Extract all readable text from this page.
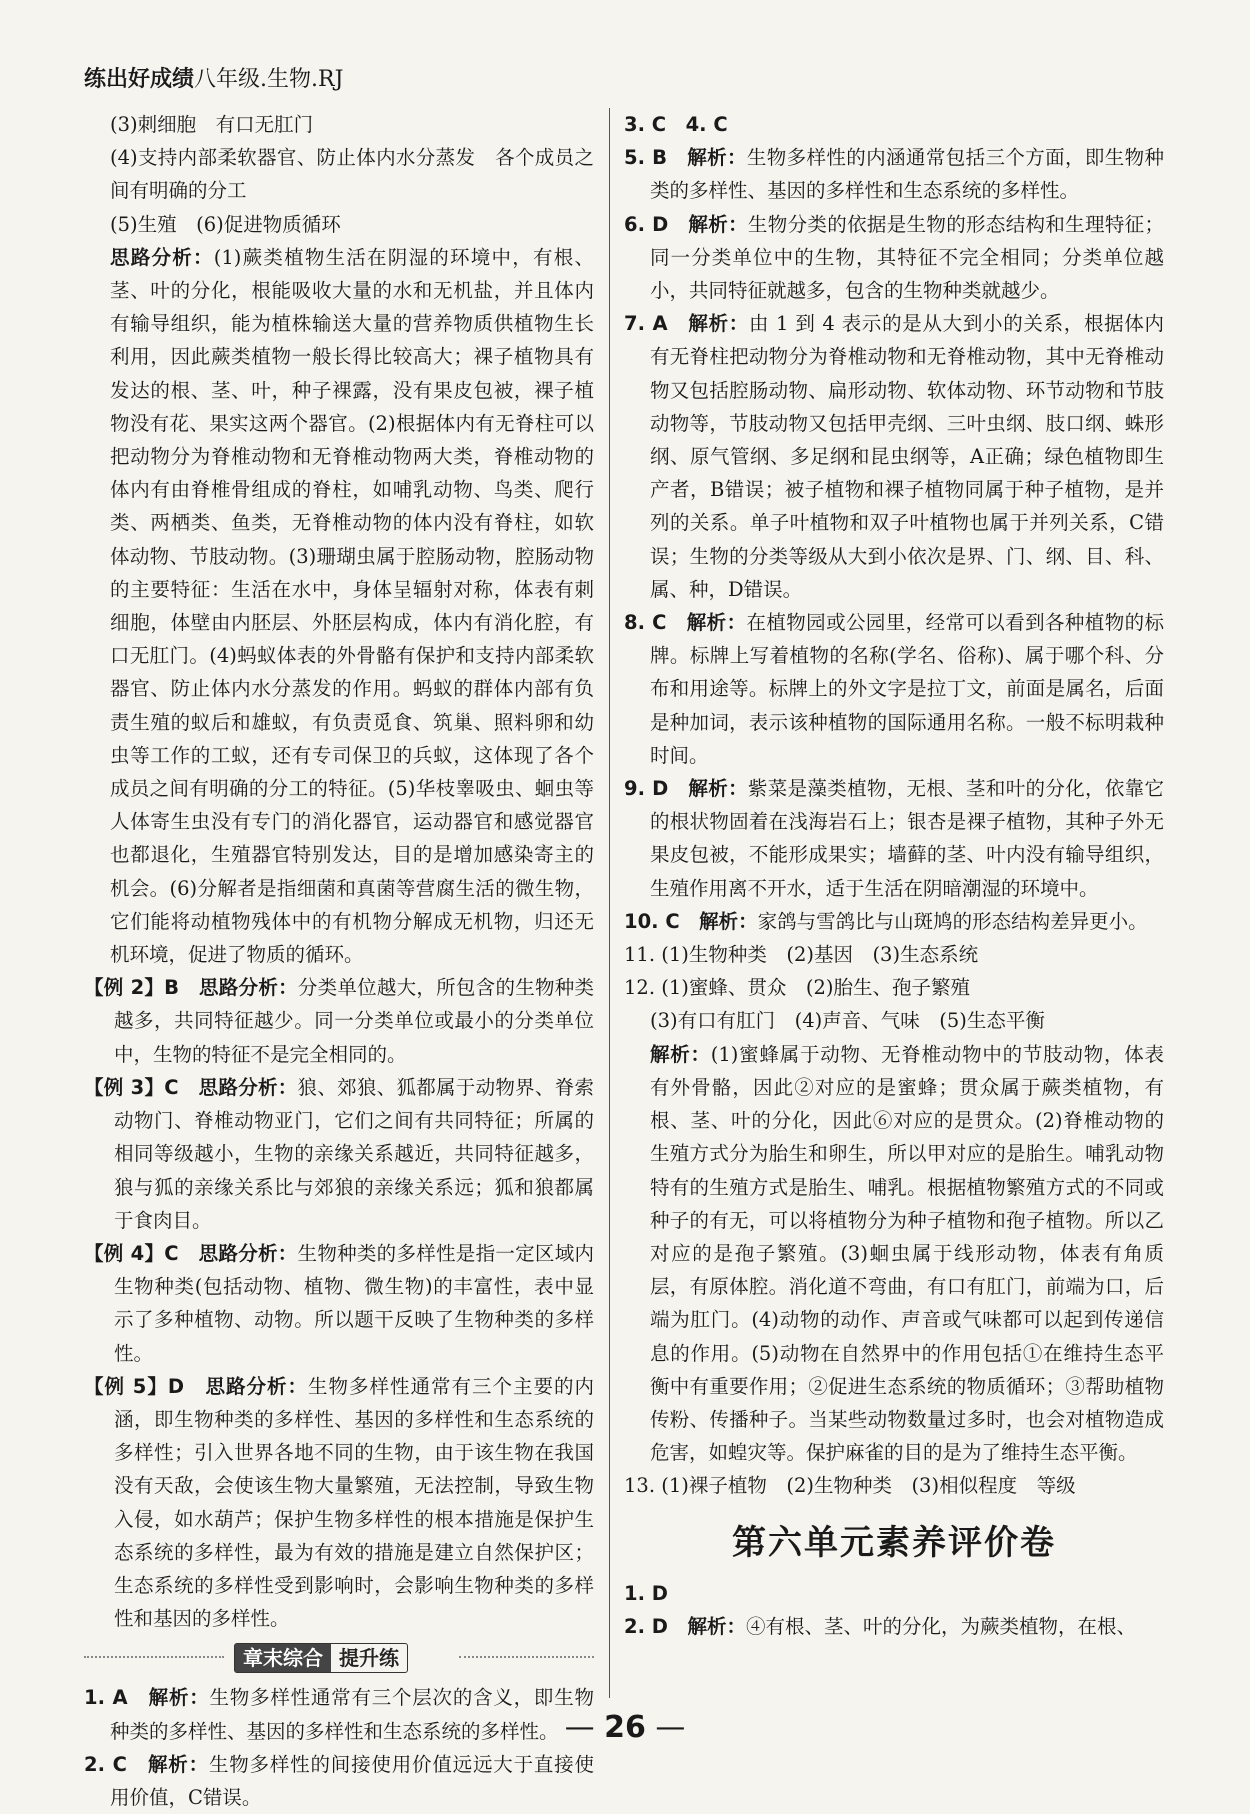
练出好成绩八年级.生物.RJ

(3)刺细胞　有口无肛门

(4)支持内部柔软器官、防止体内水分蒸发　各个成员之间有明确的分工

(5)生殖　(6)促进物质循环

思路分析：(1)蕨类植物生活在阴湿的环境中，有根、茎、叶的分化，根能吸收大量的水和无机盐，并且体内有输导组织，能为植株输送大量的营养物质供植物生长利用，因此蕨类植物一般长得比较高大；裸子植物具有发达的根、茎、叶，种子裸露，没有果皮包被，裸子植物没有花、果实这两个器官。(2)根据体内有无脊柱可以把动物分为脊椎动物和无脊椎动物两大类，脊椎动物的体内有由脊椎骨组成的脊柱，如哺乳动物、鸟类、爬行类、两栖类、鱼类，无脊椎动物的体内没有脊柱，如软体动物、节肢动物。(3)珊瑚虫属于腔肠动物，腔肠动物的主要特征：生活在水中，身体呈辐射对称，体表有刺细胞，体壁由内胚层、外胚层构成，体内有消化腔，有口无肛门。(4)蚂蚁体表的外骨骼有保护和支持内部柔软器官、防止体内水分蒸发的作用。蚂蚁的群体内部有负责生殖的蚁后和雄蚁，有负责觅食、筑巢、照料卵和幼虫等工作的工蚁，还有专司保卫的兵蚁，这体现了各个成员之间有明确的分工的特征。(5)华枝睾吸虫、蛔虫等人体寄生虫没有专门的消化器官，运动器官和感觉器官也都退化，生殖器官特别发达，目的是增加感染寄主的机会。(6)分解者是指细菌和真菌等营腐生活的微生物，它们能将动植物残体中的有机物分解成无机物，归还无机环境，促进了物质的循环。

【例 2】B　思路分析：分类单位越大，所包含的生物种类越多，共同特征越少。同一分类单位或最小的分类单位中，生物的特征不是完全相同的。

【例 3】C　思路分析：狼、郊狼、狐都属于动物界、脊索动物门、脊椎动物亚门，它们之间有共同特征；所属的相同等级越小，生物的亲缘关系越近，共同特征越多，狼与狐的亲缘关系比与郊狼的亲缘关系远；狐和狼都属于食肉目。

【例 4】C　思路分析：生物种类的多样性是指一定区域内生物种类(包括动物、植物、微生物)的丰富性，表中显示了多种植物、动物。所以题干反映了生物种类的多样性。

【例 5】D　思路分析：生物多样性通常有三个主要的内涵，即生物种类的多样性、基因的多样性和生态系统的多样性；引入世界各地不同的生物，由于该生物在我国没有天敌，会使该生物大量繁殖，无法控制，导致生物入侵，如水葫芦；保护生物多样性的根本措施是保护生态系统的多样性，最为有效的措施是建立自然保护区；生态系统的多样性受到影响时，会影响生物种类的多样性和基因的多样性。

章末综合 提升练

1. A　解析：生物多样性通常有三个层次的含义，即生物种类的多样性、基因的多样性和生态系统的多样性。

2. C　解析：生物多样性的间接使用价值远远大于直接使用价值，C错误。

3. C　4. C

5. B　解析：生物多样性的内涵通常包括三个方面，即生物种类的多样性、基因的多样性和生态系统的多样性。

6. D　解析：生物分类的依据是生物的形态结构和生理特征；同一分类单位中的生物，其特征不完全相同；分类单位越小，共同特征就越多，包含的生物种类就越少。

7. A　解析：由 1 到 4 表示的是从大到小的关系，根据体内有无脊柱把动物分为脊椎动物和无脊椎动物，其中无脊椎动物又包括腔肠动物、扁形动物、软体动物、环节动物和节肢动物等，节肢动物又包括甲壳纲、三叶虫纲、肢口纲、蛛形纲、原气管纲、多足纲和昆虫纲等，A正确；绿色植物即生产者，B错误；被子植物和裸子植物同属于种子植物，是并列的关系。单子叶植物和双子叶植物也属于并列关系，C错误；生物的分类等级从大到小依次是界、门、纲、目、科、属、种，D错误。

8. C　解析：在植物园或公园里，经常可以看到各种植物的标牌。标牌上写着植物的名称(学名、俗称)、属于哪个科、分布和用途等。标牌上的外文字是拉丁文，前面是属名，后面是种加词，表示该种植物的国际通用名称。一般不标明栽种时间。

9. D　解析：紫菜是藻类植物，无根、茎和叶的分化，依靠它的根状物固着在浅海岩石上；银杏是裸子植物，其种子外无果皮包被，不能形成果实；墙藓的茎、叶内没有输导组织，生殖作用离不开水，适于生活在阴暗潮湿的环境中。

10. C　解析：家鸽与雪鸽比与山斑鸠的形态结构差异更小。

11. (1)生物种类　(2)基因　(3)生态系统

12. (1)蜜蜂、贯众　(2)胎生、孢子繁殖

(3)有口有肛门　(4)声音、气味　(5)生态平衡

解析：(1)蜜蜂属于动物、无脊椎动物中的节肢动物，体表有外骨骼，因此②对应的是蜜蜂；贯众属于蕨类植物，有根、茎、叶的分化，因此⑥对应的是贯众。(2)脊椎动物的生殖方式分为胎生和卵生，所以甲对应的是胎生。哺乳动物特有的生殖方式是胎生、哺乳。根据植物繁殖方式的不同或种子的有无，可以将植物分为种子植物和孢子植物。所以乙对应的是孢子繁殖。(3)蛔虫属于线形动物，体表有角质层，有原体腔。消化道不弯曲，有口有肛门，前端为口，后端为肛门。(4)动物的动作、声音或气味都可以起到传递信息的作用。(5)动物在自然界中的作用包括①在维持生态平衡中有重要作用；②促进生态系统的物质循环；③帮助植物传粉、传播种子。当某些动物数量过多时，也会对植物造成危害，如蝗灾等。保护麻雀的目的是为了维持生态平衡。

13. (1)裸子植物　(2)生物种类　(3)相似程度　等级

第六单元素养评价卷

1. D

2. D　解析：④有根、茎、叶的分化，为蕨类植物，在根、

— 26 —
